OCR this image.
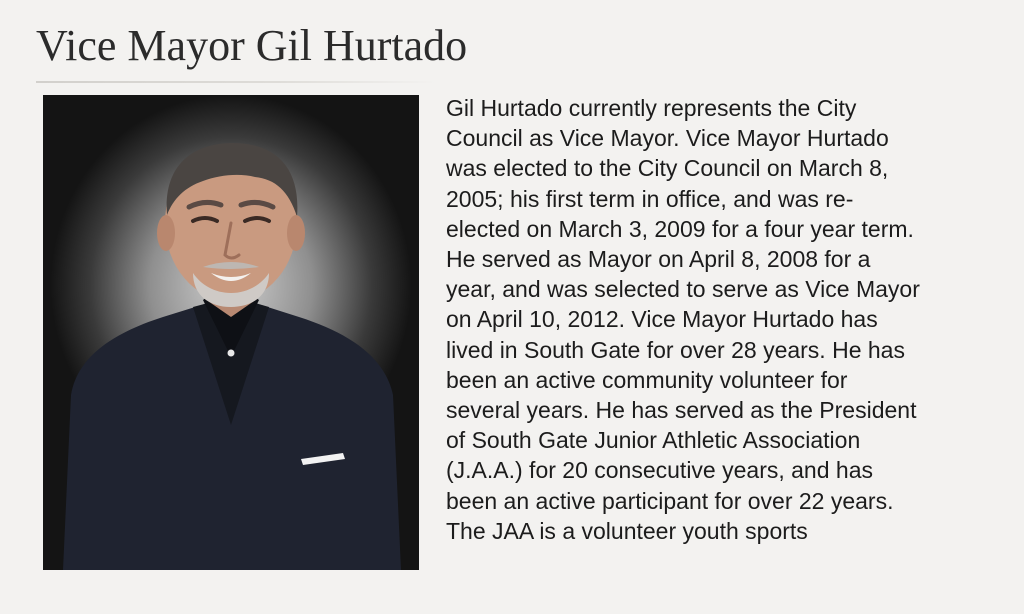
Vice Mayor Gil Hurtado

Gil Hurtado currently represents the City
Council as Vice Mayor. Vice Mayor Hurtado
was elected to the City Council on March 8,
2005; his first term in office, and was re-
elected on March 3, 2009 for a four year term.
He served as Mayor on April 8, 2008 for a
year, and was selected to serve as Vice Mayor
on April 10, 2012. Vice Mayor Hurtado has
lived in South Gate for over 28 years. He has
been an active community volunteer for
several years. He has served as the President
of South Gate Junior Athletic Association
(J.A.A.) for 20 consecutive years, and has
been an active participant for over 22 years.
The JAA is a volunteer youth sports
